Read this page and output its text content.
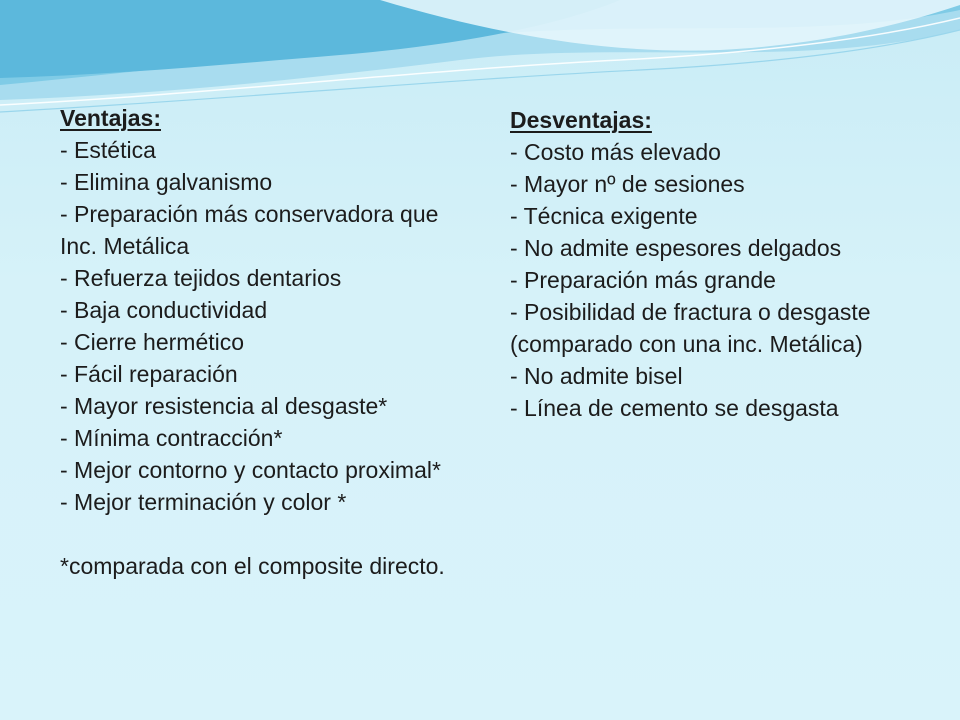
Ventajas:
- Estética
- Elimina galvanismo
- Preparación más conservadora que Inc. Metálica
- Refuerza tejidos dentarios
- Baja conductividad
- Cierre hermético
- Fácil reparación
- Mayor resistencia al desgaste*
- Mínima contracción*
- Mejor contorno y contacto proximal*
- Mejor terminación y color *
*comparada con el composite directo.
Desventajas:
- Costo más elevado
- Mayor nº de sesiones
- Técnica exigente
- No admite espesores delgados
- Preparación más grande
- Posibilidad de fractura o desgaste (comparado con una inc. Metálica)
- No admite bisel
- Línea de cemento se desgasta
